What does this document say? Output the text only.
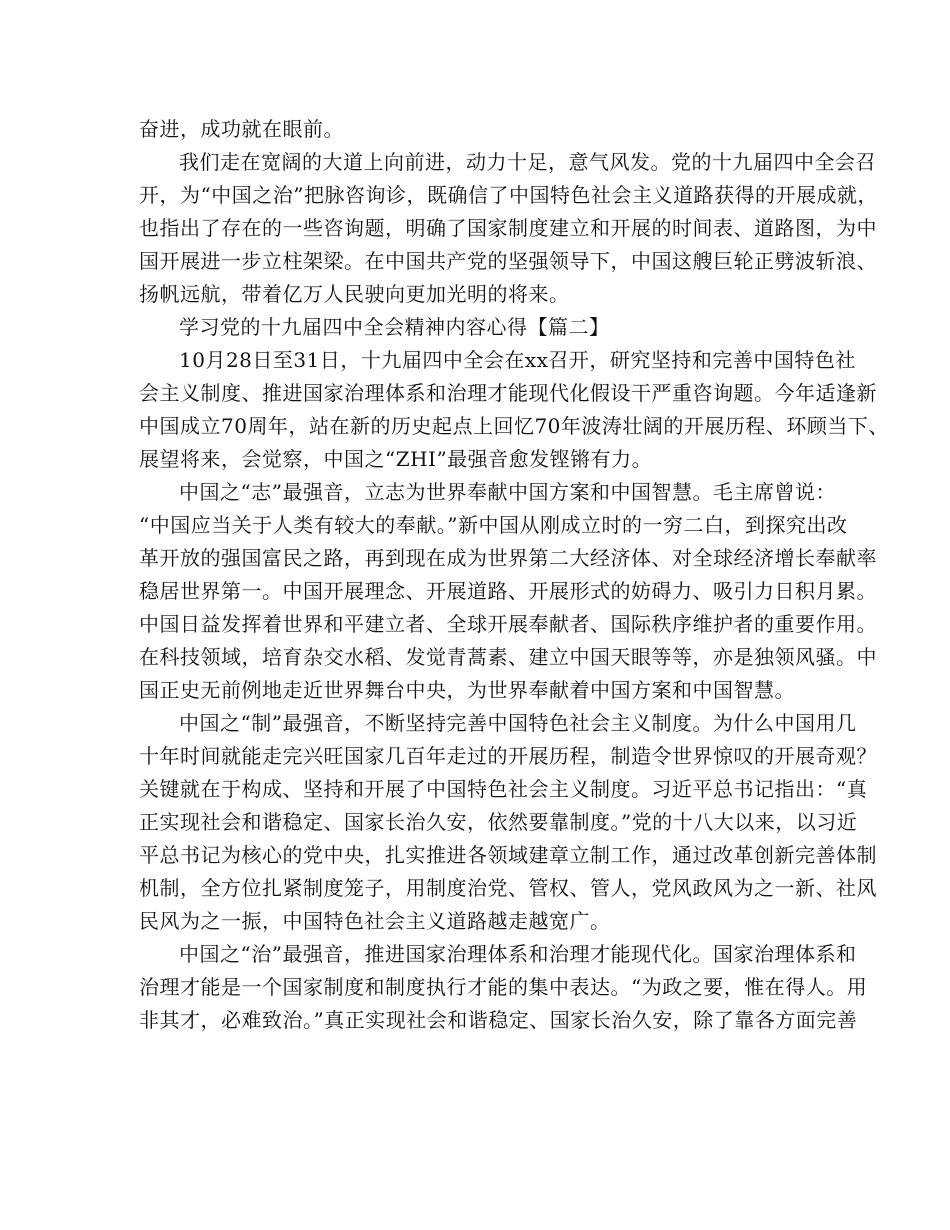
奋进，成功就在眼前。
我们走在宽阔的大道上向前进，动力十足，意气风发。党的十九届四中全会召
开，为“中国之治”把脉咨询诊，既确信了中国特色社会主义道路获得的开展成就，
也指出了存在的一些咨询题，明确了国家制度建立和开展的时间表、道路图，为中
国开展进一步立柱架梁。在中国共产党的坚强领导下，中国这艘巨轮正劈波斩浪、
扬帆远航，带着亿万人民驶向更加光明的将来。
学习党的十九届四中全会精神内容心得【篇二】
10月28日至31日，十九届四中全会在xx召开，研究坚持和完善中国特色社
会主义制度、推进国家治理体系和治理才能现代化假设干严重咨询题。今年适逢新
中国成立70周年，站在新的历史起点上回忆70年波涛壮阔的开展历程、环顾当下、
展望将来，会觉察，中国之“ZHI”最强音愈发铿锵有力。
中国之“志”最强音，立志为世界奉献中国方案和中国智慧。毛主席曾说：
“中国应当关于人类有较大的奉献。”新中国从刚成立时的一穷二白，到探究出改
革开放的强国富民之路，再到现在成为世界第二大经济体、对全球经济增长奉献率
稳居世界第一。中国开展理念、开展道路、开展形式的妨碍力、吸引力日积月累。
中国日益发挥着世界和平建立者、全球开展奉献者、国际秩序维护者的重要作用。
在科技领域，培育杂交水稻、发觉青蒿素、建立中国天眼等等，亦是独领风骚。中
国正史无前例地走近世界舞台中央，为世界奉献着中国方案和中国智慧。
中国之“制”最强音，不断坚持完善中国特色社会主义制度。为什么中国用几
十年时间就能走完兴旺国家几百年走过的开展历程，制造令世界惊叹的开展奇观？
关键就在于构成、坚持和开展了中国特色社会主义制度。习近平总书记指出：“真
正实现社会和谐稳定、国家长治久安，依然要靠制度。”党的十八大以来，以习近
平总书记为核心的党中央，扎实推进各领域建章立制工作，通过改革创新完善体制
机制，全方位扎紧制度笼子，用制度治党、管权、管人，党风政风为之一新、社风
民风为之一振，中国特色社会主义道路越走越宽广。
中国之“治”最强音，推进国家治理体系和治理才能现代化。国家治理体系和
治理才能是一个国家制度和制度执行才能的集中表达。“为政之要，惟在得人。用
非其才，必难致治。”真正实现社会和谐稳定、国家长治久安，除了靠各方面完善
